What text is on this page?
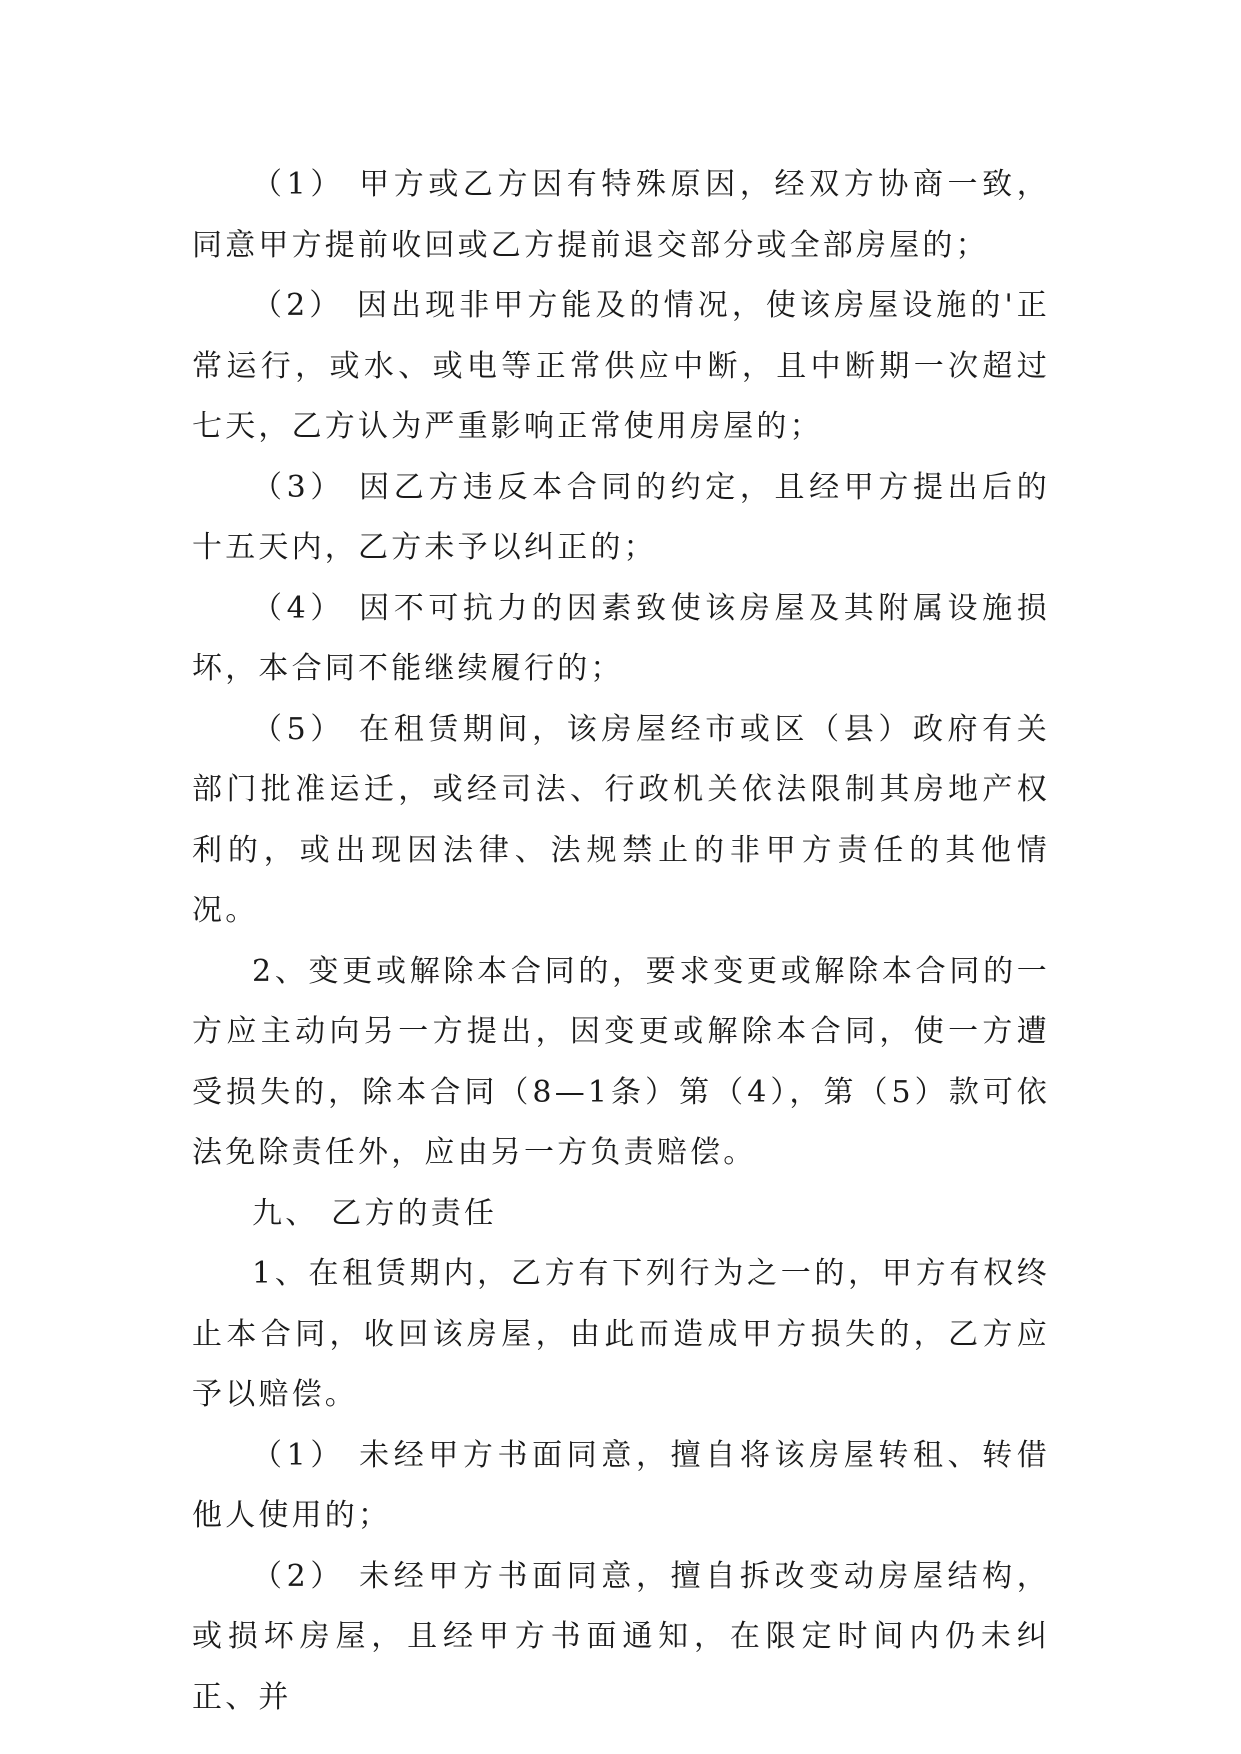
（1） 甲方或乙方因有特殊原因，经双方协商一致，同意甲方提前收回或乙方提前退交部分或全部房屋的；

（2） 因出现非甲方能及的情况，使该房屋设施的'正常运行，或水、或电等正常供应中断，且中断期一次超过七天，乙方认为严重影响正常使用房屋的；

（3） 因乙方违反本合同的约定，且经甲方提出后的十五天内，乙方未予以纠正的；

（4） 因不可抗力的因素致使该房屋及其附属设施损坏，本合同不能继续履行的；

（5） 在租赁期间，该房屋经市或区（县）政府有关部门批准运迁，或经司法、行政机关依法限制其房地产权利的，或出现因法律、法规禁止的非甲方责任的其他情况。

2、变更或解除本合同的，要求变更或解除本合同的一方应主动向另一方提出，因变更或解除本合同，使一方遭受损失的，除本合同（8—1条）第（4），第（5）款可依法免除责任外，应由另一方负责赔偿。

九、 乙方的责任

1、在租赁期内，乙方有下列行为之一的，甲方有权终止本合同，收回该房屋，由此而造成甲方损失的，乙方应予以赔偿。

（1） 未经甲方书面同意，擅自将该房屋转租、转借他人使用的；

（2） 未经甲方书面同意，擅自拆改变动房屋结构，或损坏房屋，且经甲方书面通知，在限定时间内仍未纠正、并
